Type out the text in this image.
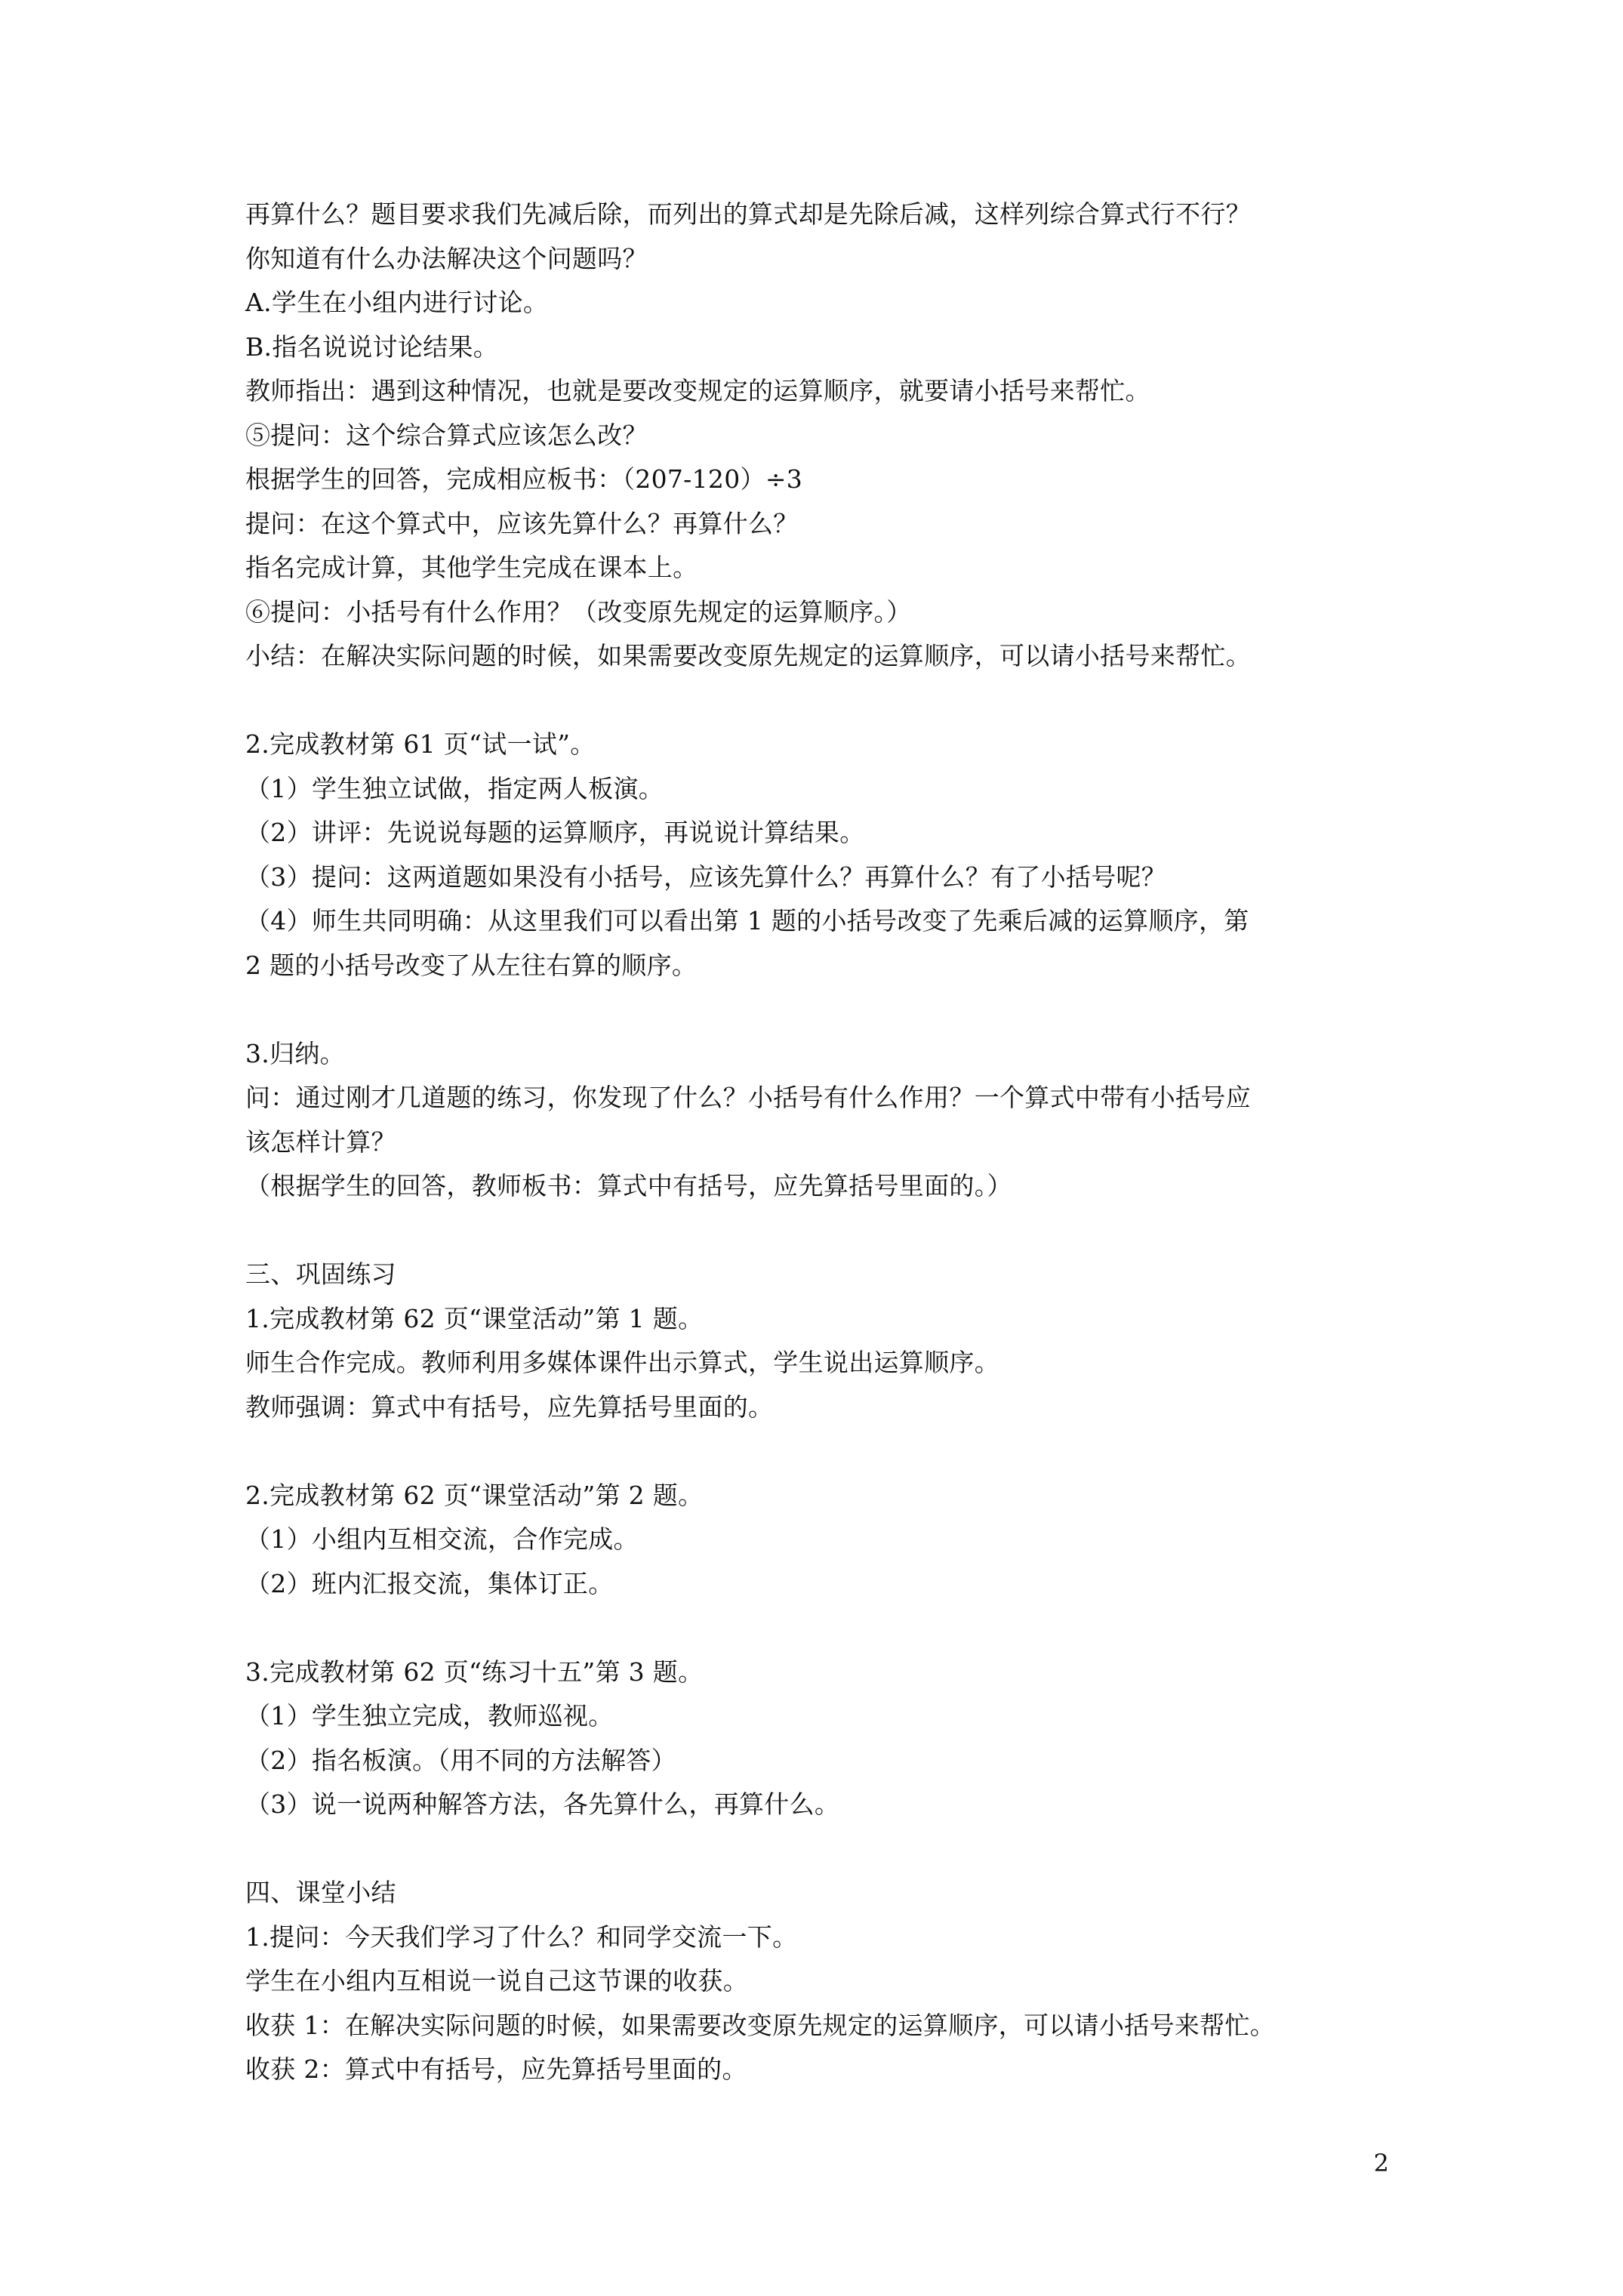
再算什么？题目要求我们先减后除，而列出的算式却是先除后减，这样列综合算式行不行？
你知道有什么办法解决这个问题吗？
A.学生在小组内进行讨论。
B.指名说说讨论结果。
教师指出：遇到这种情况，也就是要改变规定的运算顺序，就要请小括号来帮忙。
⑤提问：这个综合算式应该怎么改？
根据学生的回答，完成相应板书：（207-120）÷3
提问：在这个算式中，应该先算什么？再算什么？
指名完成计算，其他学生完成在课本上。
⑥提问：小括号有什么作用？（改变原先规定的运算顺序。）
小结：在解决实际问题的时候，如果需要改变原先规定的运算顺序，可以请小括号来帮忙。
2.完成教材第 61 页“试一试”。
（1）学生独立试做，指定两人板演。
（2）讲评：先说说每题的运算顺序，再说说计算结果。
（3）提问：这两道题如果没有小括号，应该先算什么？再算什么？有了小括号呢？
（4）师生共同明确：从这里我们可以看出第 1 题的小括号改变了先乘后减的运算顺序，第
2 题的小括号改变了从左往右算的顺序。
3.归纳。
问：通过刚才几道题的练习，你发现了什么？小括号有什么作用？一个算式中带有小括号应
该怎样计算？
（根据学生的回答，教师板书：算式中有括号，应先算括号里面的。）
三、巩固练习
1.完成教材第 62 页“课堂活动”第 1 题。
师生合作完成。教师利用多媒体课件出示算式，学生说出运算顺序。
教师强调：算式中有括号，应先算括号里面的。
2.完成教材第 62 页“课堂活动”第 2 题。
（1）小组内互相交流，合作完成。
（2）班内汇报交流，集体订正。
3.完成教材第 62 页“练习十五”第 3 题。
（1）学生独立完成，教师巡视。
（2）指名板演。（用不同的方法解答）
（3）说一说两种解答方法，各先算什么，再算什么。
四、课堂小结
1.提问：今天我们学习了什么？和同学交流一下。
学生在小组内互相说一说自己这节课的收获。
收获 1：在解决实际问题的时候，如果需要改变原先规定的运算顺序，可以请小括号来帮忙。
收获 2：算式中有括号，应先算括号里面的。
2
